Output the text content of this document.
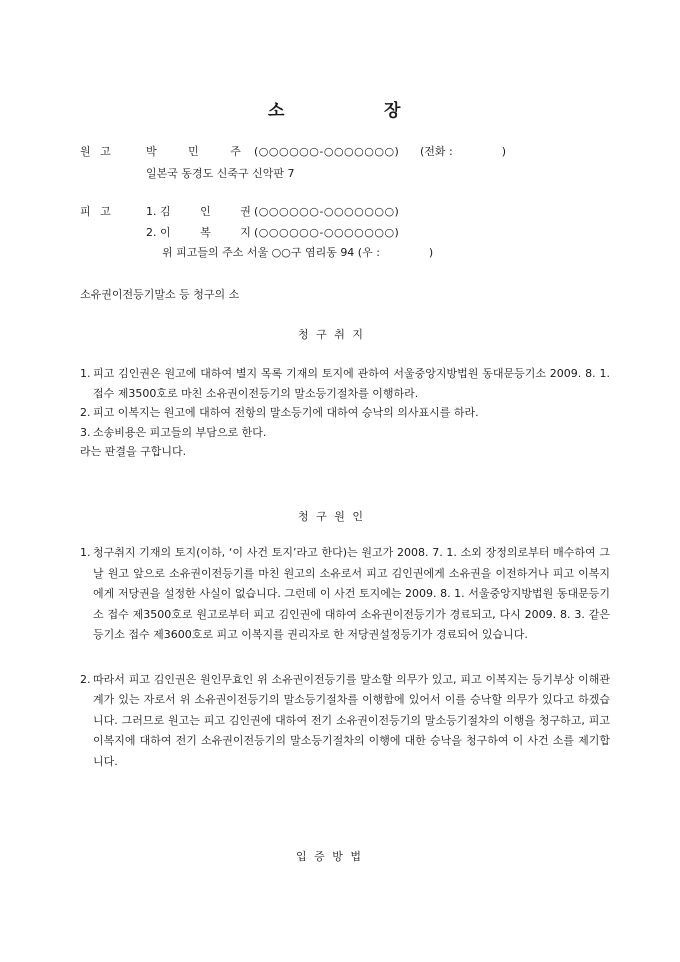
소	장
원 고	박 민 주 (○○○○○○-○○○○○○○) (전화 :              )
일본국 동경도 신죽구 신악판 7
피 고	1. 김 인 권 (○○○○○○-○○○○○○○)
2. 이 복 지 (○○○○○○-○○○○○○○)
위 피고들의 주소 서울 ○○구 염리동 94 (우 :              )
소유권이전등기말소 등 청구의 소
청 구 취 지
1. 피고 김인권은 원고에 대하여 별지 목록 기재의 토지에 관하여 서울중앙지방법원 동대문등기소 2009. 8. 1. 접수 제3500호로 마친 소유권이전등기의 말소등기절차를 이행하라.
2. 피고 이복지는 원고에 대하여 전항의 말소등기에 대하여 승낙의 의사표시를 하라.
3. 소송비용은 피고들의 부담으로 한다.
라는 판결을 구합니다.
청 구 원 인
1. 청구취지 기재의 토지(이하, ‘이 사건 토지’라고 한다)는 원고가 2008. 7. 1. 소외 장정의로부터 매수하여 그 날 원고 앞으로 소유권이전등기를 마친 원고의 소유로서 피고 김인권에게 소유권을 이전하거나 피고 이복지에게 저당권을 설정한 사실이 없습니다. 그런데 이 사건 토지에는 2009. 8. 1. 서울중앙지방법원 동대문등기소 접수 제3500호로 원고로부터 피고 김인권에 대하여 소유권이전등기가 경료되고, 다시 2009. 8. 3. 같은 등기소 접수 제3600호로 피고 이복지를 권리자로 한 저당권설정등기가 경료되어 있습니다.
2. 따라서 피고 김인권은 원인무효인 위 소유권이전등기를 말소할 의무가 있고, 피고 이복지는 등기부상 이해관계가 있는 자로서 위 소유권이전등기의 말소등기절차를 이행함에 있어서 이를 승낙할 의무가 있다고 하겠습니다. 그러므로 원고는 피고 김인권에 대하여 전기 소유권이전등기의 말소등기절차의 이행을 청구하고, 피고 이복지에 대하여 전기 소유권이전등기의 말소등기절차의 이행에 대한 승낙을 청구하여 이 사건 소를 제기합니다.
입 증 방 법
